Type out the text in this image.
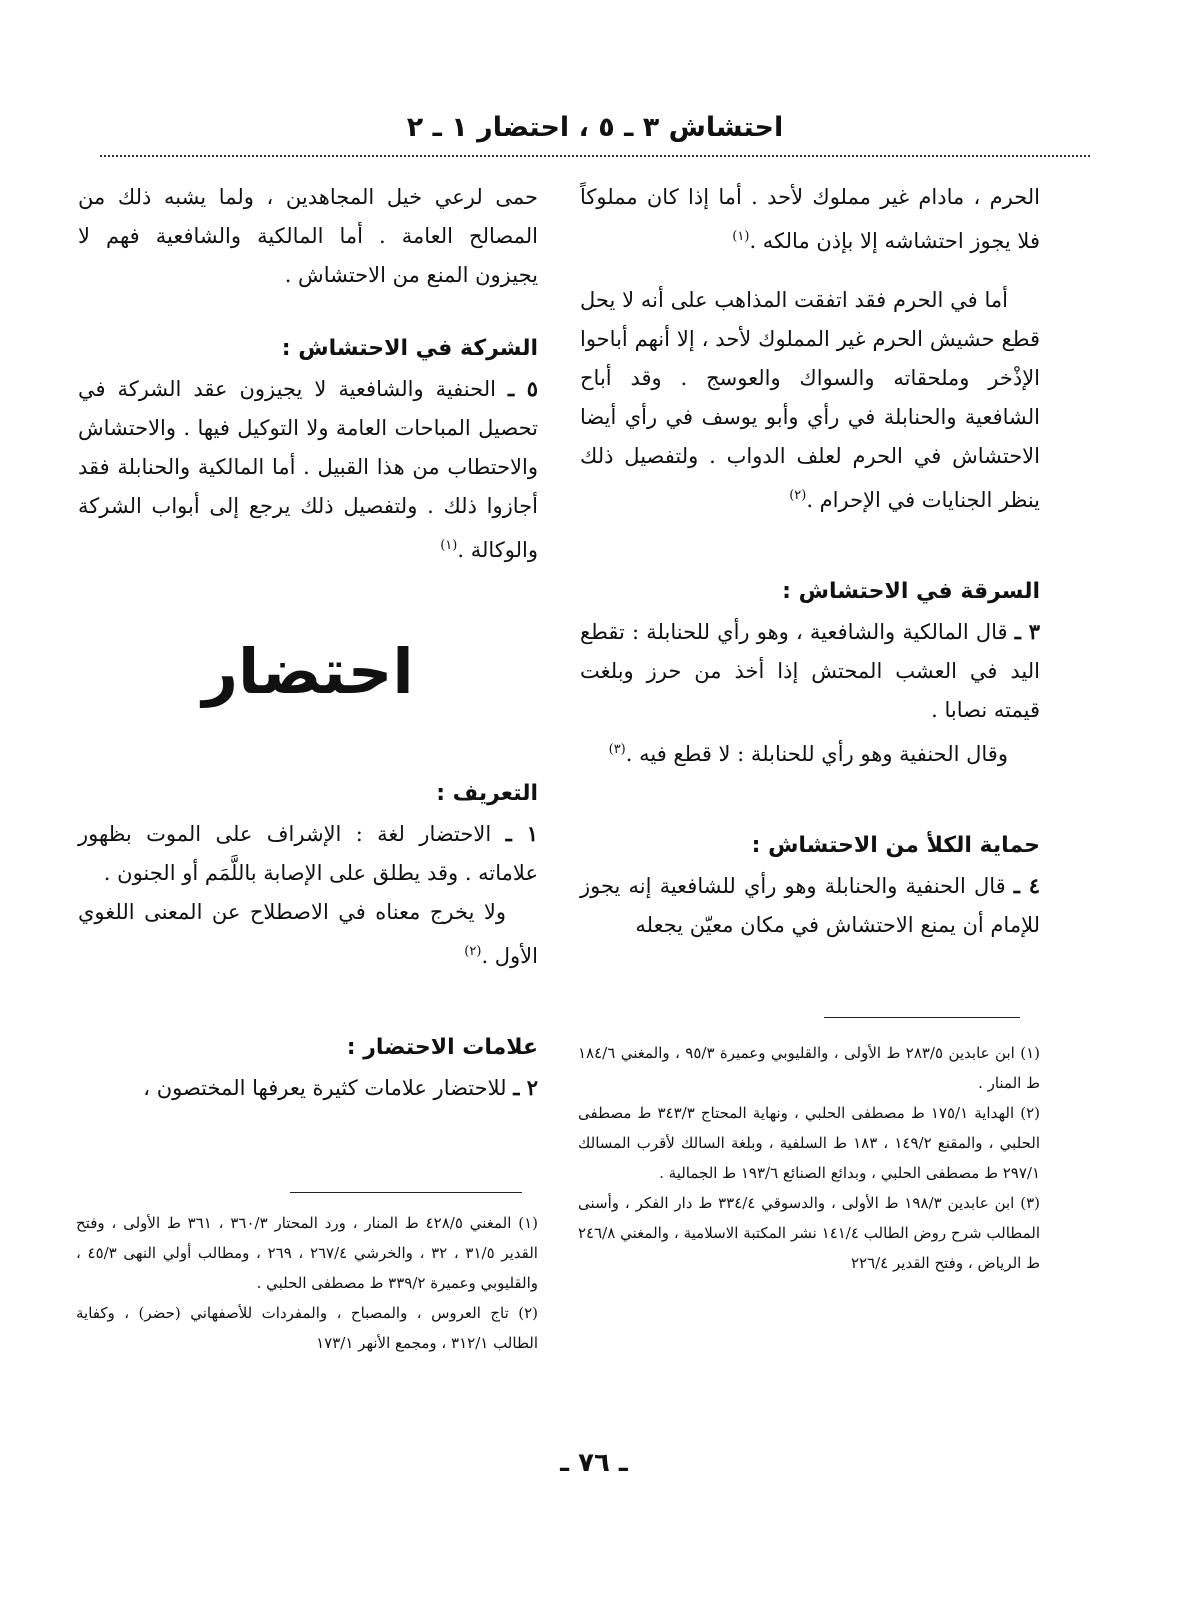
احتشاش ٣ ـ ٥ ، احتضار ١ ـ ٢

الحرم ، مادام غير مملوك لأحد . أما إذا كان مملوكاً فلا يجوز احتشاشه إلا بإذن مالكه .$^{(١)}$

أما في الحرم فقد اتفقت المذاهب على أنه لا يحل قطع حشيش الحرم غير المملوك لأحد ، إلا أنهم أباحوا الإذْخر وملحقاته والسواك والعوسج . وقد أباح الشافعية والحنابلة في رأي وأبو يوسف في رأي أيضا الاحتشاش في الحرم لعلف الدواب . ولتفصيل ذلك ينظر الجنايات في الإحرام .$^{(٢)}$

السرقة في الاحتشاش :

٣ ـ قال المالكية والشافعية ، وهو رأي للحنابلة : تقطع اليد في العشب المحتش إذا أخذ من حرز وبلغت قيمته نصابا .

وقال الحنفية وهو رأي للحنابلة : لا قطع فيه .$^{(٣)}$

حماية الكلأ من الاحتشاش :

٤ ـ قال الحنفية والحنابلة وهو رأي للشافعية إنه يجوز للإمام أن يمنع الاحتشاش في مكان معيّن يجعله

(١) ابن عابدين ٢٨٣/٥ ط الأولى ، والقليوبي وعميرة ٩٥/٣ ، والمغني ١٨٤/٦ ط المنار .

(٢) الهداية ١٧٥/١ ط مصطفى الحلبي ، ونهاية المحتاج ٣٤٣/٣ ط مصطفى الحلبي ، والمقنع ١٤٩/٢ ، ١٨٣ ط السلفية ، وبلغة السالك لأقرب المسالك ٢٩٧/١ ط مصطفى الحلبي ، وبدائع الصنائع ١٩٣/٦ ط الجمالية .

(٣) ابن عابدين ١٩٨/٣ ط الأولى ، والدسوقي ٣٣٤/٤ ط دار الفكر ، وأسنى المطالب شرح روض الطالب ١٤١/٤ نشر المكتبة الاسلامية ، والمغني ٢٤٦/٨ ط الرياض ، وفتح القدير ٢٢٦/٤

حمى لرعي خيل المجاهدين ، ولما يشبه ذلك من المصالح العامة . أما المالكية والشافعية فهم لا يجيزون المنع من الاحتشاش .

الشركة في الاحتشاش :

٥ ـ الحنفية والشافعية لا يجيزون عقد الشركة في تحصيل المباحات العامة ولا التوكيل فيها . والاحتشاش والاحتطاب من هذا القبيل . أما المالكية والحنابلة فقد أجازوا ذلك . ولتفصيل ذلك يرجع إلى أبواب الشركة والوكالة .$^{(١)}$

احتضار
التعريف :

١ ـ الاحتضار لغة : الإشراف على الموت بظهور علاماته . وقد يطلق على الإصابة باللَّمَم أو الجنون .

ولا يخرج معناه في الاصطلاح عن المعنى اللغوي الأول .$^{(٢)}$

علامات الاحتضار :

٢ ـ للاحتضار علامات كثيرة يعرفها المختصون ،

(١) المغني ٤٢٨/٥ ط المنار ، ورد المحتار ٣٦٠/٣ ، ٣٦١ ط الأولى ، وفتح القدير ٣١/٥ ، ٣٢ ، والخرشي ٢٦٧/٤ ، ٢٦٩ ، ومطالب أولي النهى ٤٥/٣ ، والقليوبي وعميرة ٣٣٩/٢ ط مصطفى الحلبي .

(٢) تاج العروس ، والمصباح ، والمفردات للأصفهاني (حضر) ، وكفاية الطالب ٣١٢/١ ، ومجمع الأنهر ١٧٣/١

ـ ٧٦ ـ
